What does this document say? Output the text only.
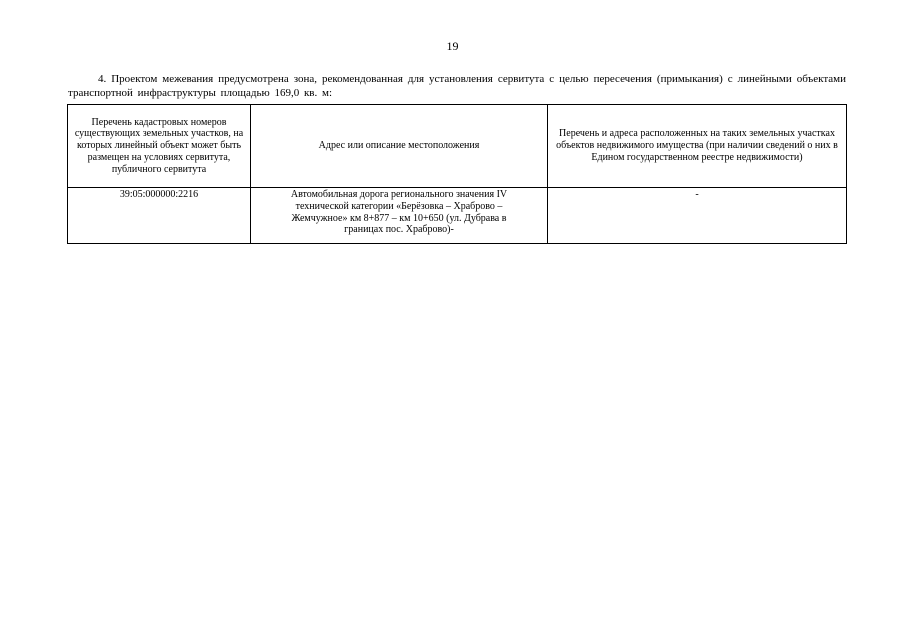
19

4. Проектом межевания предусмотрена зона, рекомендованная для установления сервитута с целью пересечения (примыкания) с линейными объектами транспортной инфраструктуры площадью 169,0 кв. м:

Перечень кадастровых номеров существующих земельных участков, на которых линейный объект может быть размещен на условиях сервитута, публичного сервитута	Адрес или описание местоположения	Перечень и адреса расположенных на таких земельных участках объектов недвижимого имущества (при наличии сведений о них в Едином государственном реестре недвижимости)
39:05:000000:2216	Автомобильная дорога регионального значения IV технической категории «Берёзовка – Храброво – Жемчужное» км 8+877 – км 10+650 (ул. Дубрава в границах пос. Храброво)-	-
